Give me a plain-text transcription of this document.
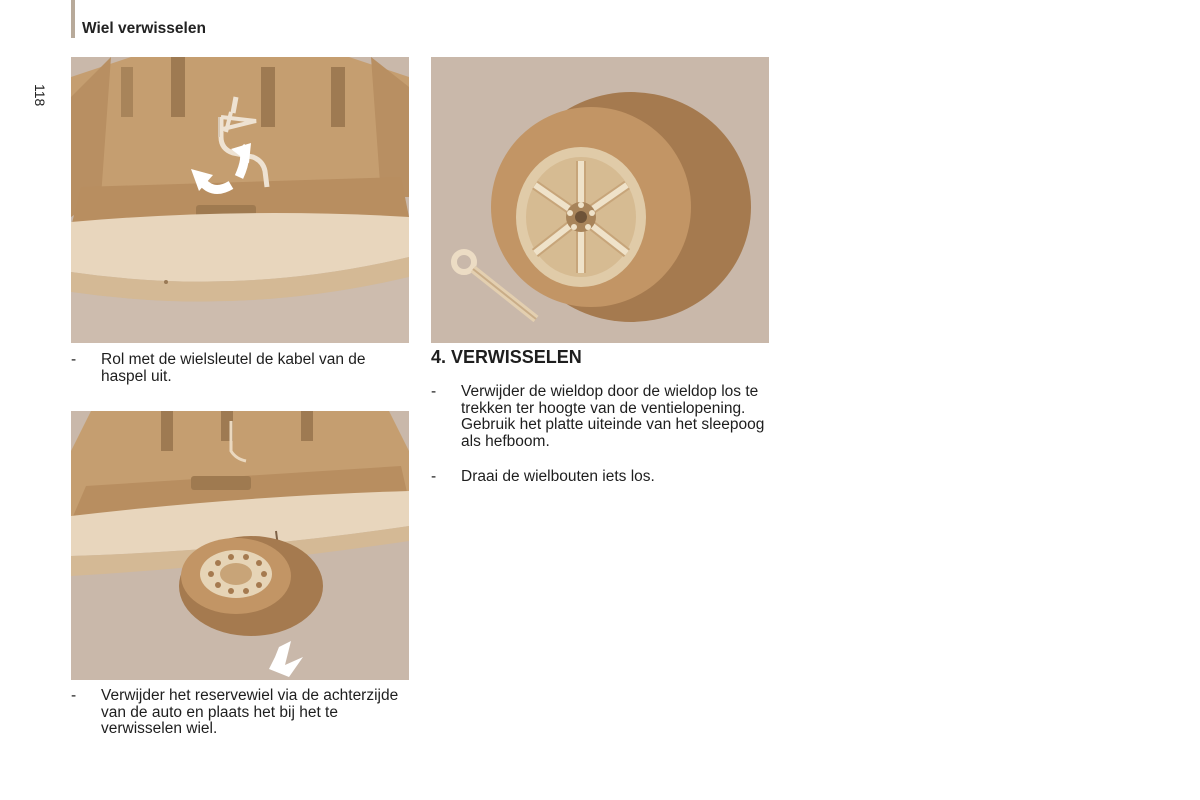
Wiel verwisselen
118
- Rol met de wielsleutel de kabel van de haspel uit.
- Verwijder het reservewiel via de achterzijde van de auto en plaats het bij het te verwisselen wiel.
4. VERWISSELEN
- Verwijder de wieldop door de wieldop los te trekken ter hoogte van de ventielopening. Gebruik het platte uiteinde van het sleepoog als hefboom.
- Draai de wielbouten iets los.
